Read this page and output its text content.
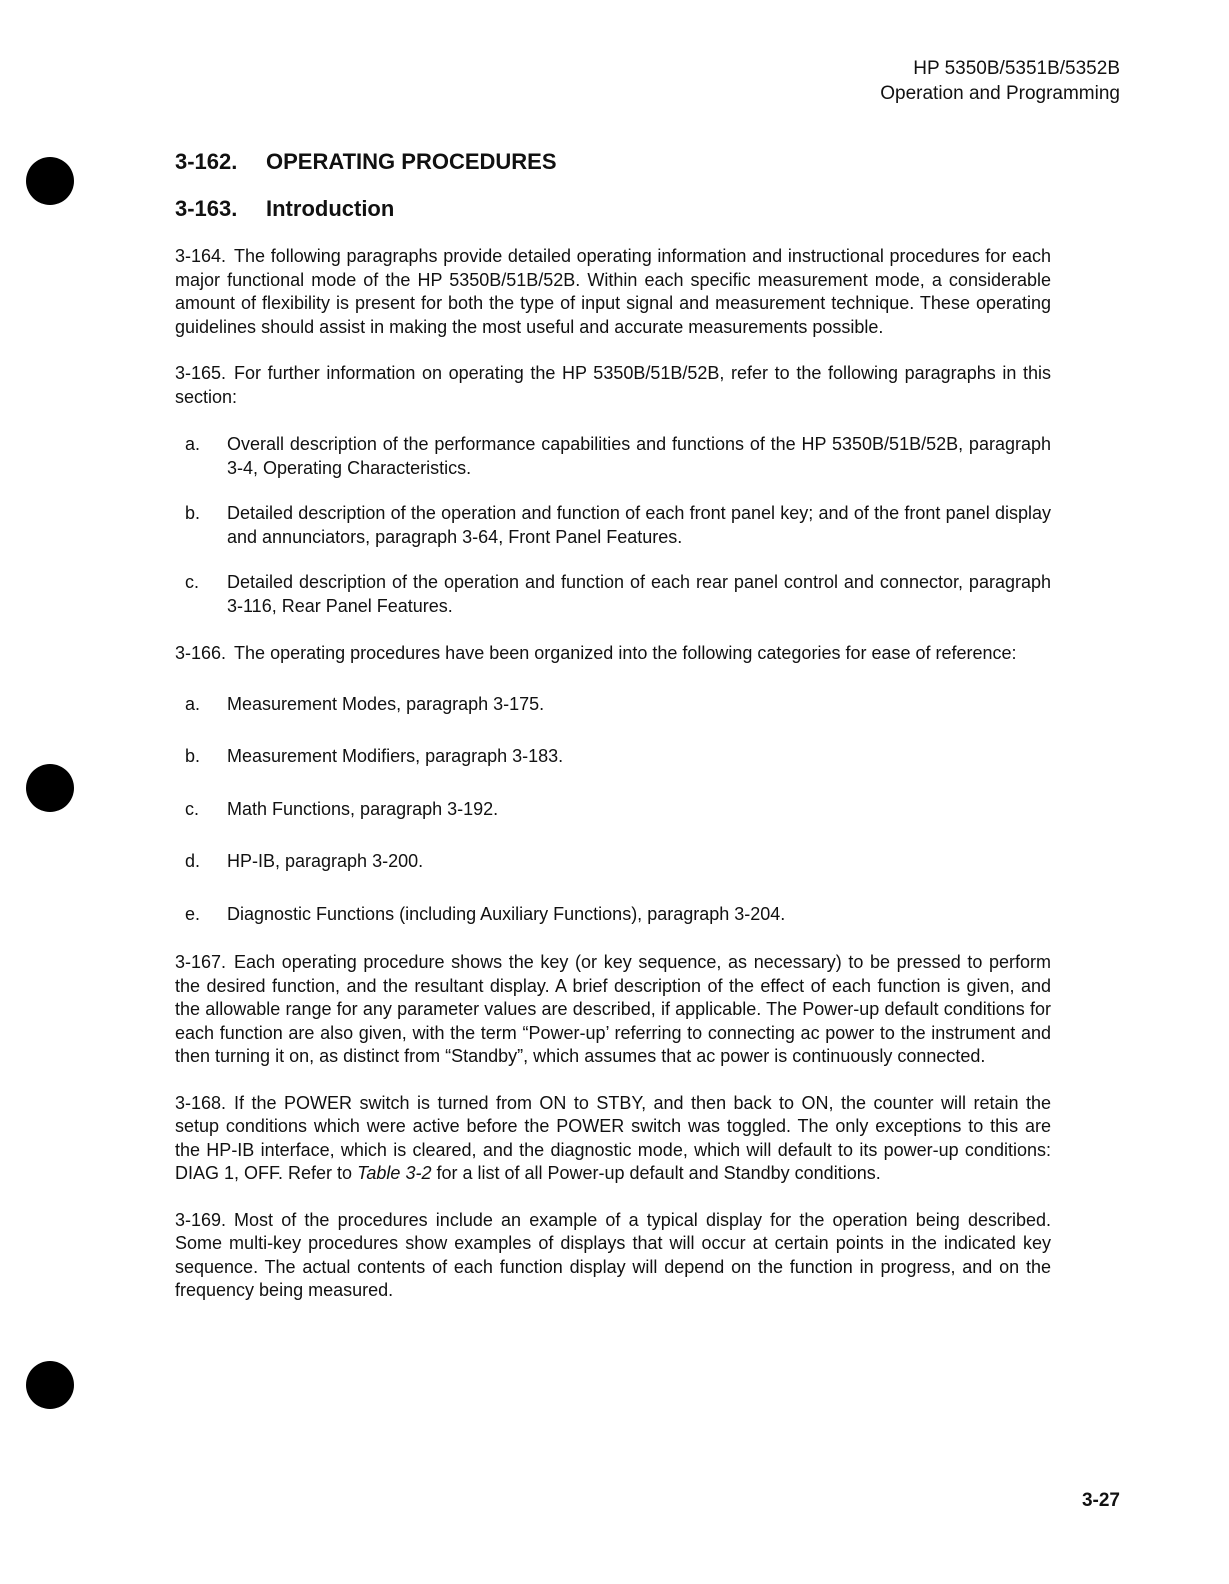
HP 5350B/5351B/5352B
Operation and Programming
3-162. OPERATING PROCEDURES
3-163. Introduction

3-164. The following paragraphs provide detailed operating information and instructional procedures for each major functional mode of the HP 5350B/51B/52B. Within each specific measurement mode, a considerable amount of flexibility is present for both the type of input signal and measurement technique. These operating guidelines should assist in making the most useful and accurate measurements possible.

3-165. For further information on operating the HP 5350B/51B/52B, refer to the following paragraphs in this section:

a.	Overall description of the performance capabilities and functions of the HP 5350B/51B/52B, paragraph 3-4, Operating Characteristics.
b.	Detailed description of the operation and function of each front panel key; and of the front panel display and annunciators, paragraph 3-64, Front Panel Features.
c.	Detailed description of the operation and function of each rear panel control and connector, paragraph 3-116, Rear Panel Features.

3-166. The operating procedures have been organized into the following categories for ease of reference:

a.	Measurement Modes, paragraph 3-175.
b.	Measurement Modifiers, paragraph 3-183.
c.	Math Functions, paragraph 3-192.
d.	HP-IB, paragraph 3-200.
e.	Diagnostic Functions (including Auxiliary Functions), paragraph 3-204.

3-167. Each operating procedure shows the key (or key sequence, as necessary) to be pressed to perform the desired function, and the resultant display. A brief description of the effect of each function is given, and the allowable range for any parameter values are described, if applicable. The Power-up default conditions for each function are also given, with the term “Power-up’ referring to connecting ac power to the instrument and then turning it on, as distinct from “Standby”, which assumes that ac power is continuously connected.

3-168. If the POWER switch is turned from ON to STBY, and then back to ON, the counter will retain the setup conditions which were active before the POWER switch was toggled. The only exceptions to this are the HP-IB interface, which is cleared, and the diagnostic mode, which will default to its power-up conditions: DIAG 1, OFF. Refer to Table 3-2 for a list of all Power-up default and Standby conditions.

3-169. Most of the procedures include an example of a typical display for the operation being described. Some multi-key procedures show examples of displays that will occur at certain points in the indicated key sequence. The actual contents of each function display will depend on the function in progress, and on the frequency being measured.

3-27
